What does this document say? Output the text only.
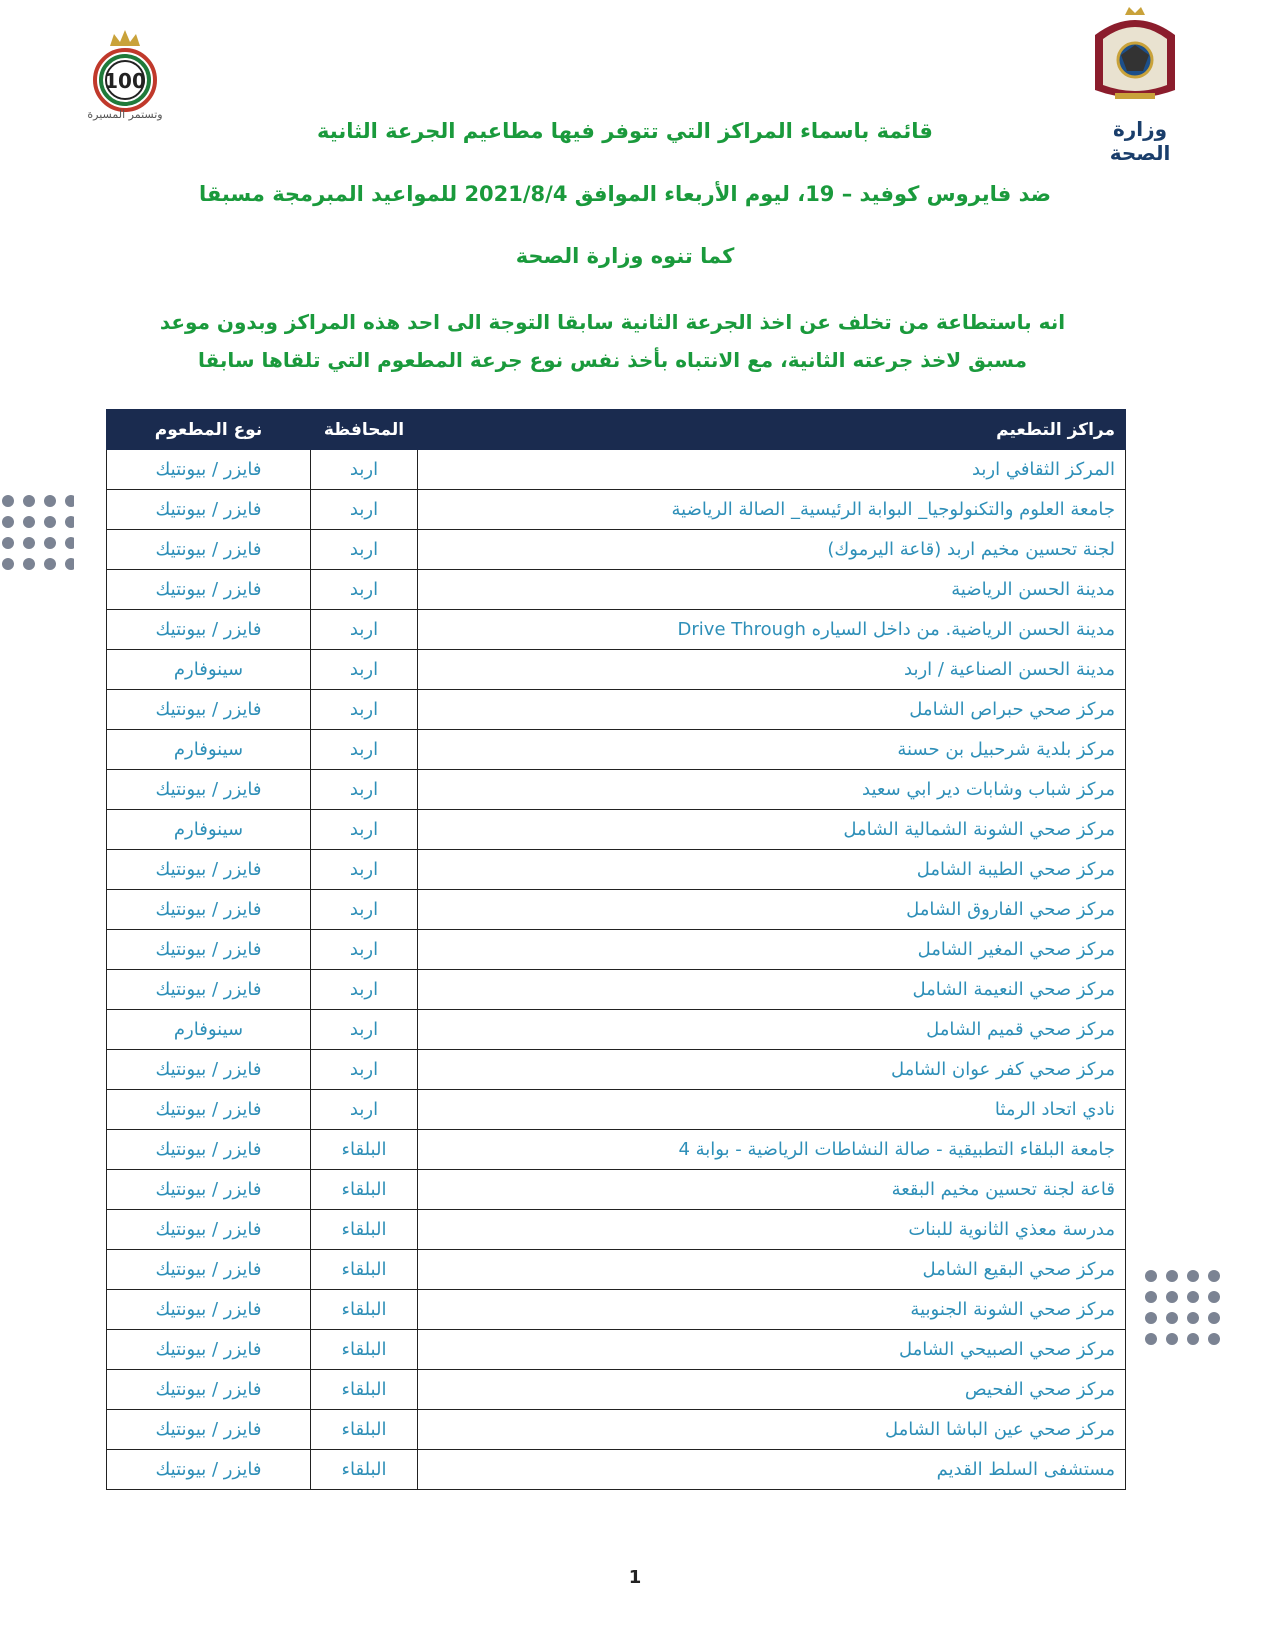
100
وتستمر المسيرة
وزارة الصحة
قائمة باسماء المراكز التي تتوفر فيها مطاعيم الجرعة الثانية
ضد فايروس كوفيد – 19، ليوم الأربعاء الموافق 2021/8/4 للمواعيد المبرمجة مسبقا
كما تنوه وزارة الصحة
انه باستطاعة من تخلف عن اخذ الجرعة الثانية سابقا التوجة الى احد هذه المراكز وبدون موعد
مسبق لاخذ جرعته الثانية، مع الانتباه بأخذ نفس نوع جرعة المطعوم التي تلقاها سابقا
مراكز التطعيم	المحافظة	نوع المطعوم
المركز الثقافي اربد	اربد	فايزر / بيونتيك
جامعة العلوم والتكنولوجيا_ البوابة الرئيسية_ الصالة الرياضية	اربد	فايزر / بيونتيك
لجنة تحسين مخيم اربد (قاعة اليرموك)	اربد	فايزر / بيونتيك
مدينة الحسن الرياضية	اربد	فايزر / بيونتيك
مدينة الحسن الرياضية. من داخل السياره Drive Through	اربد	فايزر / بيونتيك
مدينة الحسن الصناعية / اربد	اربد	سينوفارم
مركز صحي حبراص الشامل	اربد	فايزر / بيونتيك
مركز بلدية شرحبيل بن حسنة	اربد	سينوفارم
مركز شباب وشابات دير ابي سعيد	اربد	فايزر / بيونتيك
مركز صحي الشونة الشمالية الشامل	اربد	سينوفارم
مركز صحي الطيبة الشامل	اربد	فايزر / بيونتيك
مركز صحي الفاروق الشامل	اربد	فايزر / بيونتيك
مركز صحي المغير الشامل	اربد	فايزر / بيونتيك
مركز صحي النعيمة الشامل	اربد	فايزر / بيونتيك
مركز صحي قميم الشامل	اربد	سينوفارم
مركز صحي كفر عوان الشامل	اربد	فايزر / بيونتيك
نادي اتحاد الرمثا	اربد	فايزر / بيونتيك
جامعة البلقاء التطبيقية - صالة النشاطات الرياضية - بوابة 4	البلقاء	فايزر / بيونتيك
قاعة لجنة تحسين مخيم البقعة	البلقاء	فايزر / بيونتيك
مدرسة معذي الثانوية للبنات	البلقاء	فايزر / بيونتيك
مركز صحي البقيع الشامل	البلقاء	فايزر / بيونتيك
مركز صحي الشونة الجنوبية	البلقاء	فايزر / بيونتيك
مركز صحي الصبيحي الشامل	البلقاء	فايزر / بيونتيك
مركز صحي الفحيص	البلقاء	فايزر / بيونتيك
مركز صحي عين الباشا الشامل	البلقاء	فايزر / بيونتيك
مستشفى السلط القديم	البلقاء	فايزر / بيونتيك
1
